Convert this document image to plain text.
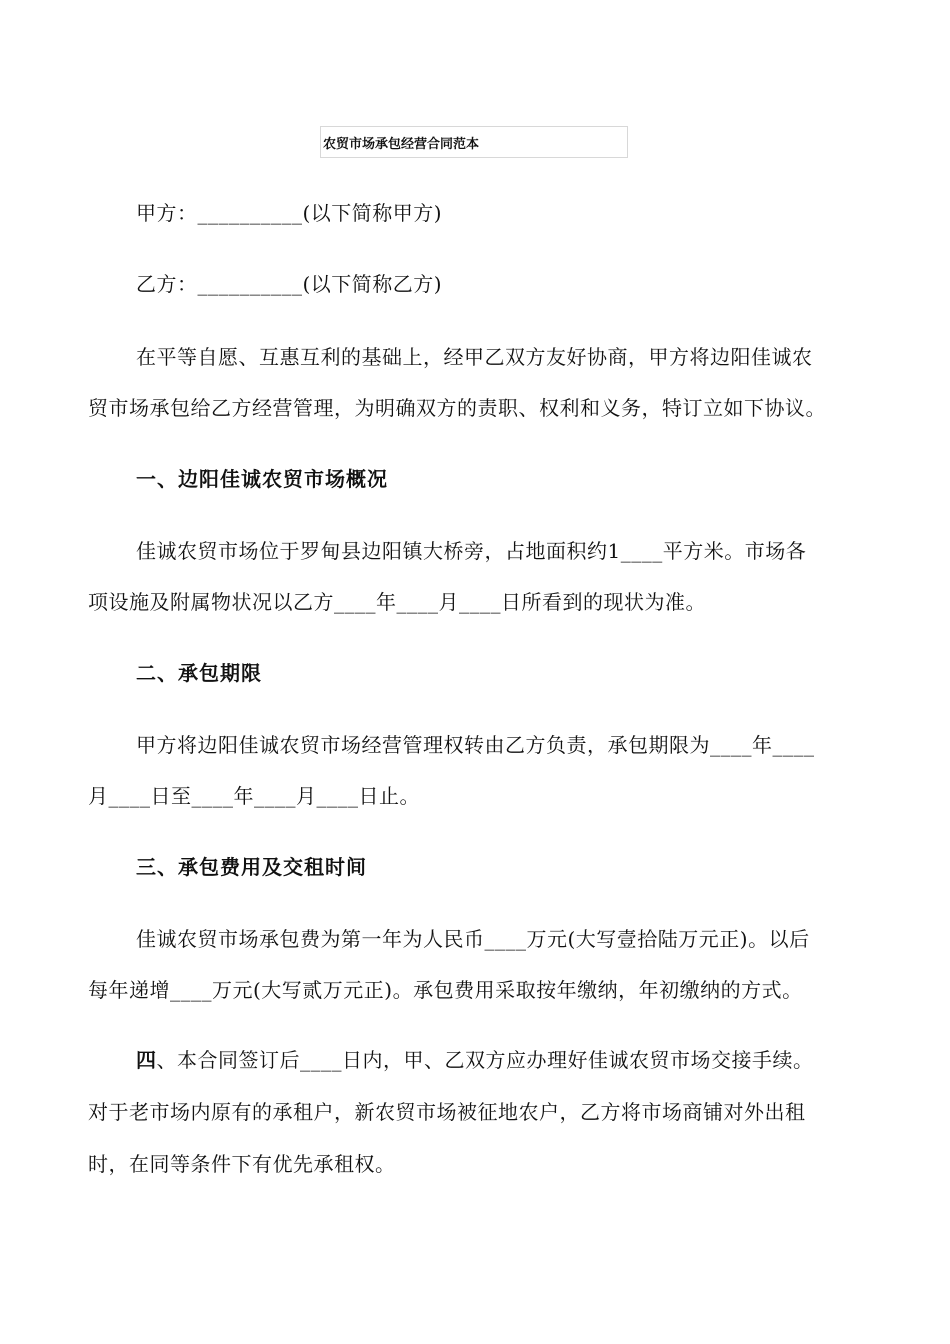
农贸市场承包经营合同范本
甲方：__________(以下简称甲方)
乙方：__________(以下简称乙方)
在平等自愿、互惠互利的基础上，经甲乙双方友好协商，甲方将边阳佳诚农
贸市场承包给乙方经营管理，为明确双方的责职、权利和义务，特订立如下协议。
一、边阳佳诚农贸市场概况
佳诚农贸市场位于罗甸县边阳镇大桥旁，占地面积约1____平方米。市场各
项设施及附属物状况以乙方____年____月____日所看到的现状为准。
二、承包期限
甲方将边阳佳诚农贸市场经营管理权转由乙方负责，承包期限为____年____
月____日至____年____月____日止。
三、承包费用及交租时间
佳诚农贸市场承包费为第一年为人民币____万元(大写壹拾陆万元正)。以后
每年递增____万元(大写贰万元正)。承包费用采取按年缴纳，年初缴纳的方式。
四、本合同签订后____日内，甲、乙双方应办理好佳诚农贸市场交接手续。
对于老市场内原有的承租户，新农贸市场被征地农户，乙方将市场商铺对外出租
时，在同等条件下有优先承租权。
